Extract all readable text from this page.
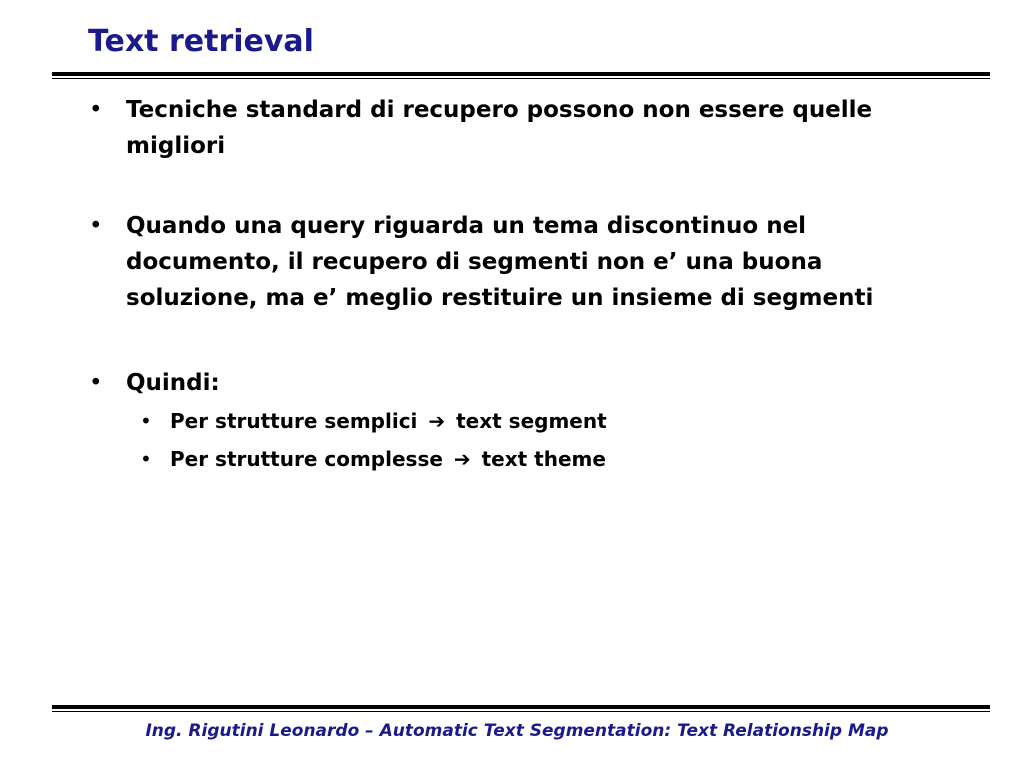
Text retrieval
• Tecniche standard di recupero possono non essere quelle
migliori
• Quando una query riguarda un tema discontinuo nel
documento, il recupero di segmenti non e’ una buona
soluzione, ma e’ meglio restituire un insieme di segmenti
• Quindi:
• Per strutture semplici ➔ text segment
• Per strutture complesse ➔ text theme
Ing. Rigutini Leonardo – Automatic Text Segmentation: Text Relationship Map
